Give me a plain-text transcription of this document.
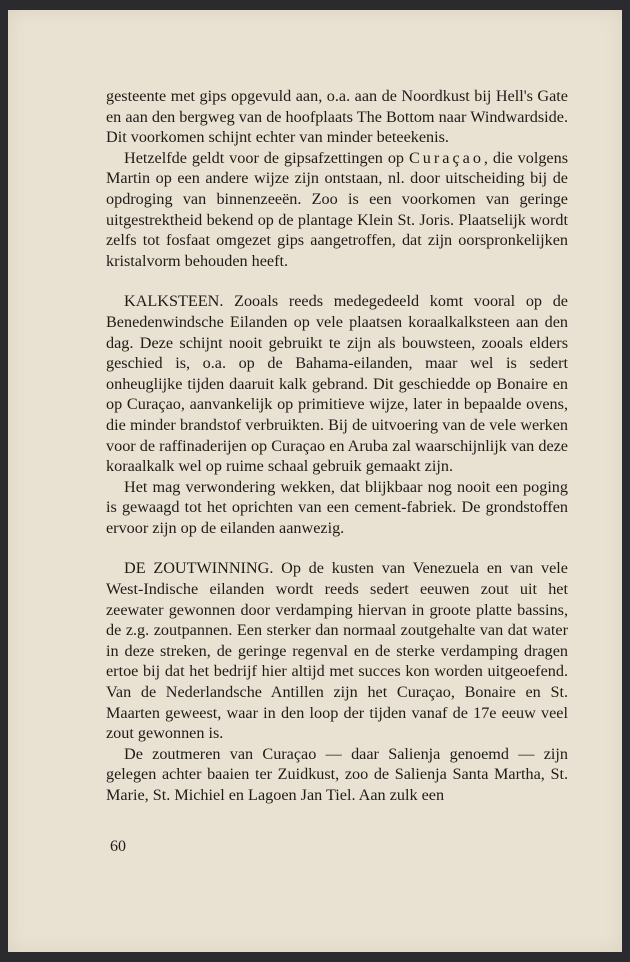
gesteente met gips opgevuld aan, o.a. aan de Noordkust bij Hell's Gate en aan den bergweg van de hoofplaats The Bottom naar Windwardside. Dit voorkomen schijnt echter van minder beteekenis.

Hetzelfde geldt voor de gipsafzettingen op Curaçao, die volgens Martin op een andere wijze zijn ontstaan, nl. door uitscheiding bij de opdroging van binnenzeeën. Zoo is een voorkomen van geringe uitgestrektheid bekend op de plantage Klein St. Joris. Plaatselijk wordt zelfs tot fosfaat omgezet gips aangetroffen, dat zijn oorspronkelijken kristalvorm behouden heeft.

KALKSTEEN. Zooals reeds medegedeeld komt vooral op de Benedenwindsche Eilanden op vele plaatsen koraalkalksteen aan den dag. Deze schijnt nooit gebruikt te zijn als bouwsteen, zooals elders geschied is, o.a. op de Bahama-eilanden, maar wel is sedert onheuglijke tijden daaruit kalk gebrand. Dit geschiedde op Bonaire en op Curaçao, aanvankelijk op primitieve wijze, later in bepaalde ovens, die minder brandstof verbruikten. Bij de uitvoering van de vele werken voor de raffinaderijen op Curaçao en Aruba zal waarschijnlijk van deze koraalkalk wel op ruime schaal gebruik gemaakt zijn.

Het mag verwondering wekken, dat blijkbaar nog nooit een poging is gewaagd tot het oprichten van een cement-fabriek. De grondstoffen ervoor zijn op de eilanden aanwezig.

DE ZOUTWINNING. Op de kusten van Venezuela en van vele West-Indische eilanden wordt reeds sedert eeuwen zout uit het zeewater gewonnen door verdamping hiervan in groote platte bassins, de z.g. zoutpannen. Een sterker dan normaal zoutgehalte van dat water in deze streken, de geringe regenval en de sterke verdamping dragen ertoe bij dat het bedrijf hier altijd met succes kon worden uitgeoefend. Van de Nederlandsche Antillen zijn het Curaçao, Bonaire en St. Maarten geweest, waar in den loop der tijden vanaf de 17e eeuw veel zout gewonnen is.

De zoutmeren van Curaçao — daar Salienja genoemd — zijn gelegen achter baaien ter Zuidkust, zoo de Salienja Santa Martha, St. Marie, St. Michiel en Lagoen Jan Tiel. Aan zulk een

60
